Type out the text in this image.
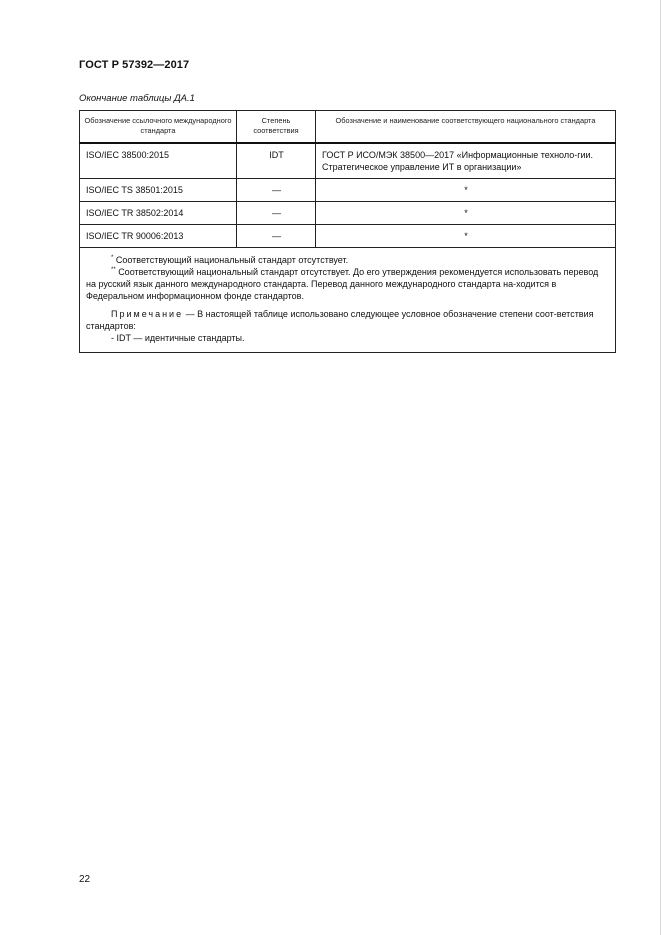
ГОСТ Р 57392—2017
Окончание таблицы ДА.1
Обозначение ссылочного международного стандарта	Степень соответствия	Обозначение и наименование соответствующего национального стандарта
ISO/IEC 38500:2015	IDT	ГОСТ Р ИСО/МЭК 38500—2017 «Информационные техноло-гии. Стратегическое управление ИТ в организации»
ISO/IEC TS 38501:2015	—	*
ISO/IEC TR 38502:2014	—	*
ISO/IEC TR 90006:2013	—	*

* Соответствующий национальный стандарт отсутствует.

** Соответствующий национальный стандарт отсутствует. До его утверждения рекомендуется использовать перевод на русский язык данного международного стандарта. Перевод данного международного стандарта на-ходится в Федеральном информационном фонде стандартов.

Примечание — В настоящей таблице использовано следующее условное обозначение степени соот-ветствия стандартов:

- IDT — идентичные стандарты.		

22
